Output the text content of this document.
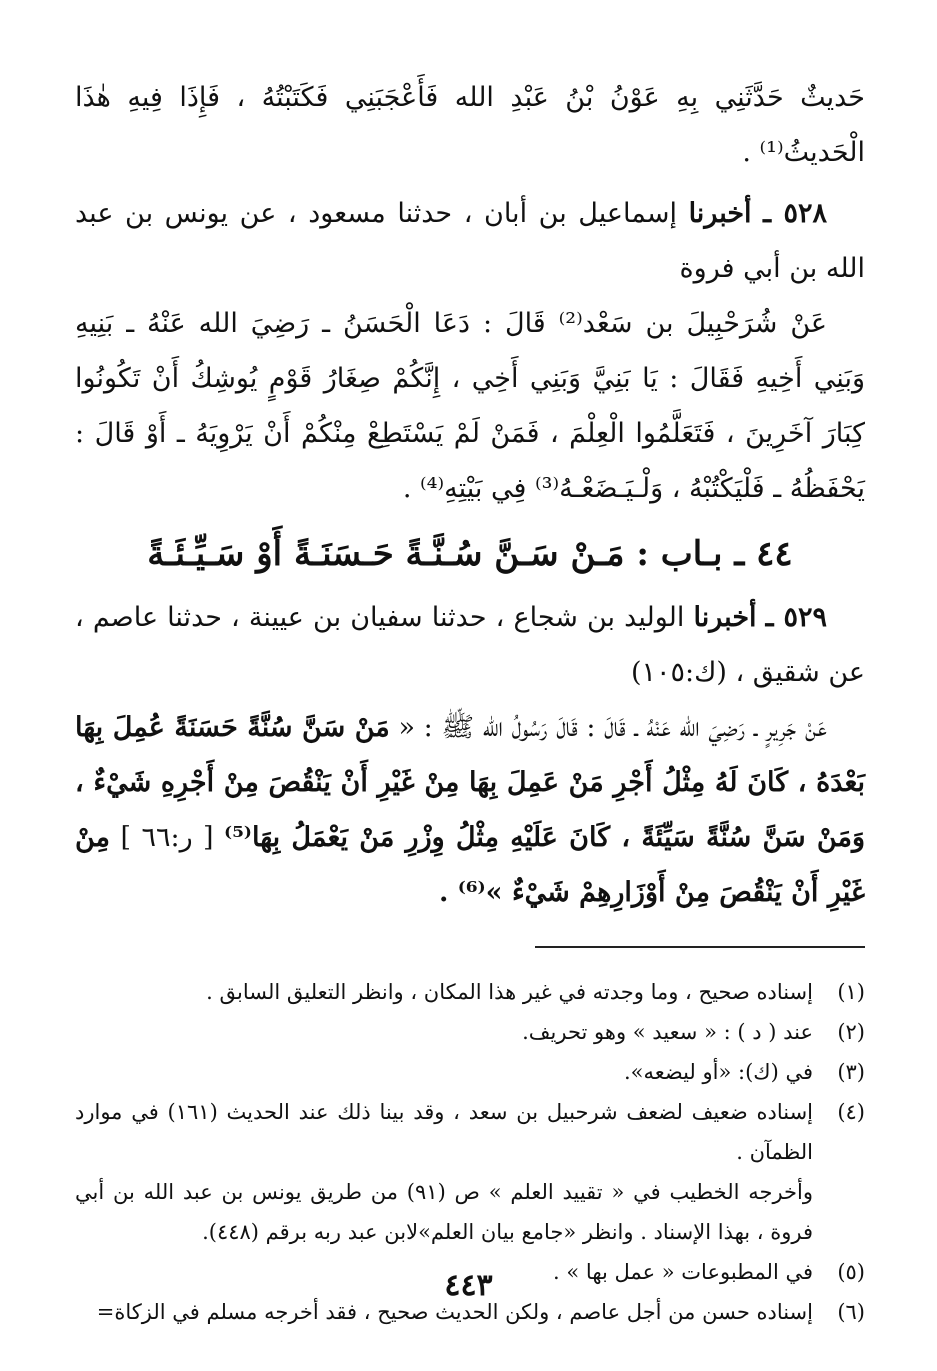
حَديثٌ حَدَّثَنِي بِهِ عَوْنُ بْنُ عَبْدِ الله فَأَعْجَبَنِي فَكَتَبْتُهُ ، فَإِذَا فِيهِ هٰذَا الْحَديثُ⁽¹⁾ .

٥٢٨ ـ أخبرنا إسماعيل بن أبان ، حدثنا مسعود ، عن يونس بن عبد الله بن أبي فروة

عَنْ شُرَحْبِيلَ بن سَعْد⁽²⁾ قَالَ : دَعَا الْحَسَنُ ـ رَضِيَ الله عَنْهُ ـ بَنِيهِ وَبَنِي أَخِيهِ فَقَالَ : يَا بَنِيَّ وَبَنِي أَخِي ، إِنَّكُمْ صِغَارُ قَوْمٍ يُوشِكُ أَنْ تَكُونُوا كِبَارَ آخَرِينَ ، فَتَعَلَّمُوا الْعِلْمَ ، فَمَنْ لَمْ يَسْتَطِعْ مِنْكُمْ أَنْ يَرْوِيَهُ ـ أَوْ قَالَ : يَحْفَظُهُ ـ فَلْيَكْتُبْهُ ، وَلْـيَـضَعْـهُ⁽³⁾ فِي بَيْتِهِ⁽⁴⁾ .

٤٤ ـ بـاب : مَـنْ سَـنَّ سُـنَّـةً حَـسَنَـةً أَوْ سَـيِّـئَـةً

٥٢٩ ـ أخبرنا الوليد بن شجاع ، حدثنا سفيان بن عيينة ، حدثنا عاصم ، عن شقيق ، (ك:١٠٥)

عَنْ جَرِيرٍ ـ رَضِيَ الله عَنْهُ ـ قَالَ : قَالَ رَسُولُ الله ﷺ : « مَنْ سَنَّ سُنَّةً حَسَنَةً عُمِلَ بِهَا بَعْدَهُ ، كَانَ لَهُ مِثْلُ أَجْرِ مَنْ عَمِلَ بِهَا مِنْ غَيْرِ أَنْ يَنْقُصَ مِنْ أَجْرِهِ شَيْءٌ ، وَمَنْ سَنَّ سُنَّةً سَيِّئَةً ، كَانَ عَلَيْهِ مِثْلُ وِزْرِ مَنْ يَعْمَلُ بِهَا⁽⁵⁾ [ ر:٦٦ ] مِنْ غَيْرِ أَنْ يَنْقُصَ مِنْ أَوْزَارِهِمْ شَيْءٌ »⁽⁶⁾ .

(١)
إسناده صحيح ، وما وجدته في غير هذا المكان ، وانظر التعليق السابق .
(٢)
عند ( د ) : « سعيد » وهو تحريف.
(٣)
في (ك): «أو ليضعه».
(٤)
إسناده ضعيف لضعف شرحبيل بن سعد ، وقد بينا ذلك عند الحديث (١٦١) في موارد الظمآن .

وأخرجه الخطيب في « تقييد العلم » ص (٩١) من طريق يونس بن عبد الله بن أبي فروة ، بهذا الإسناد . وانظر «جامع بيان العلم»لابن عبد ربه برقم (٤٤٨).

(٥)
في المطبوعات « عمل بها » .
(٦)
إسناده حسن من أجل عاصم ، ولكن الحديث صحيح ، فقد أخرجه مسلم في الزكاة=
٤٤٣
